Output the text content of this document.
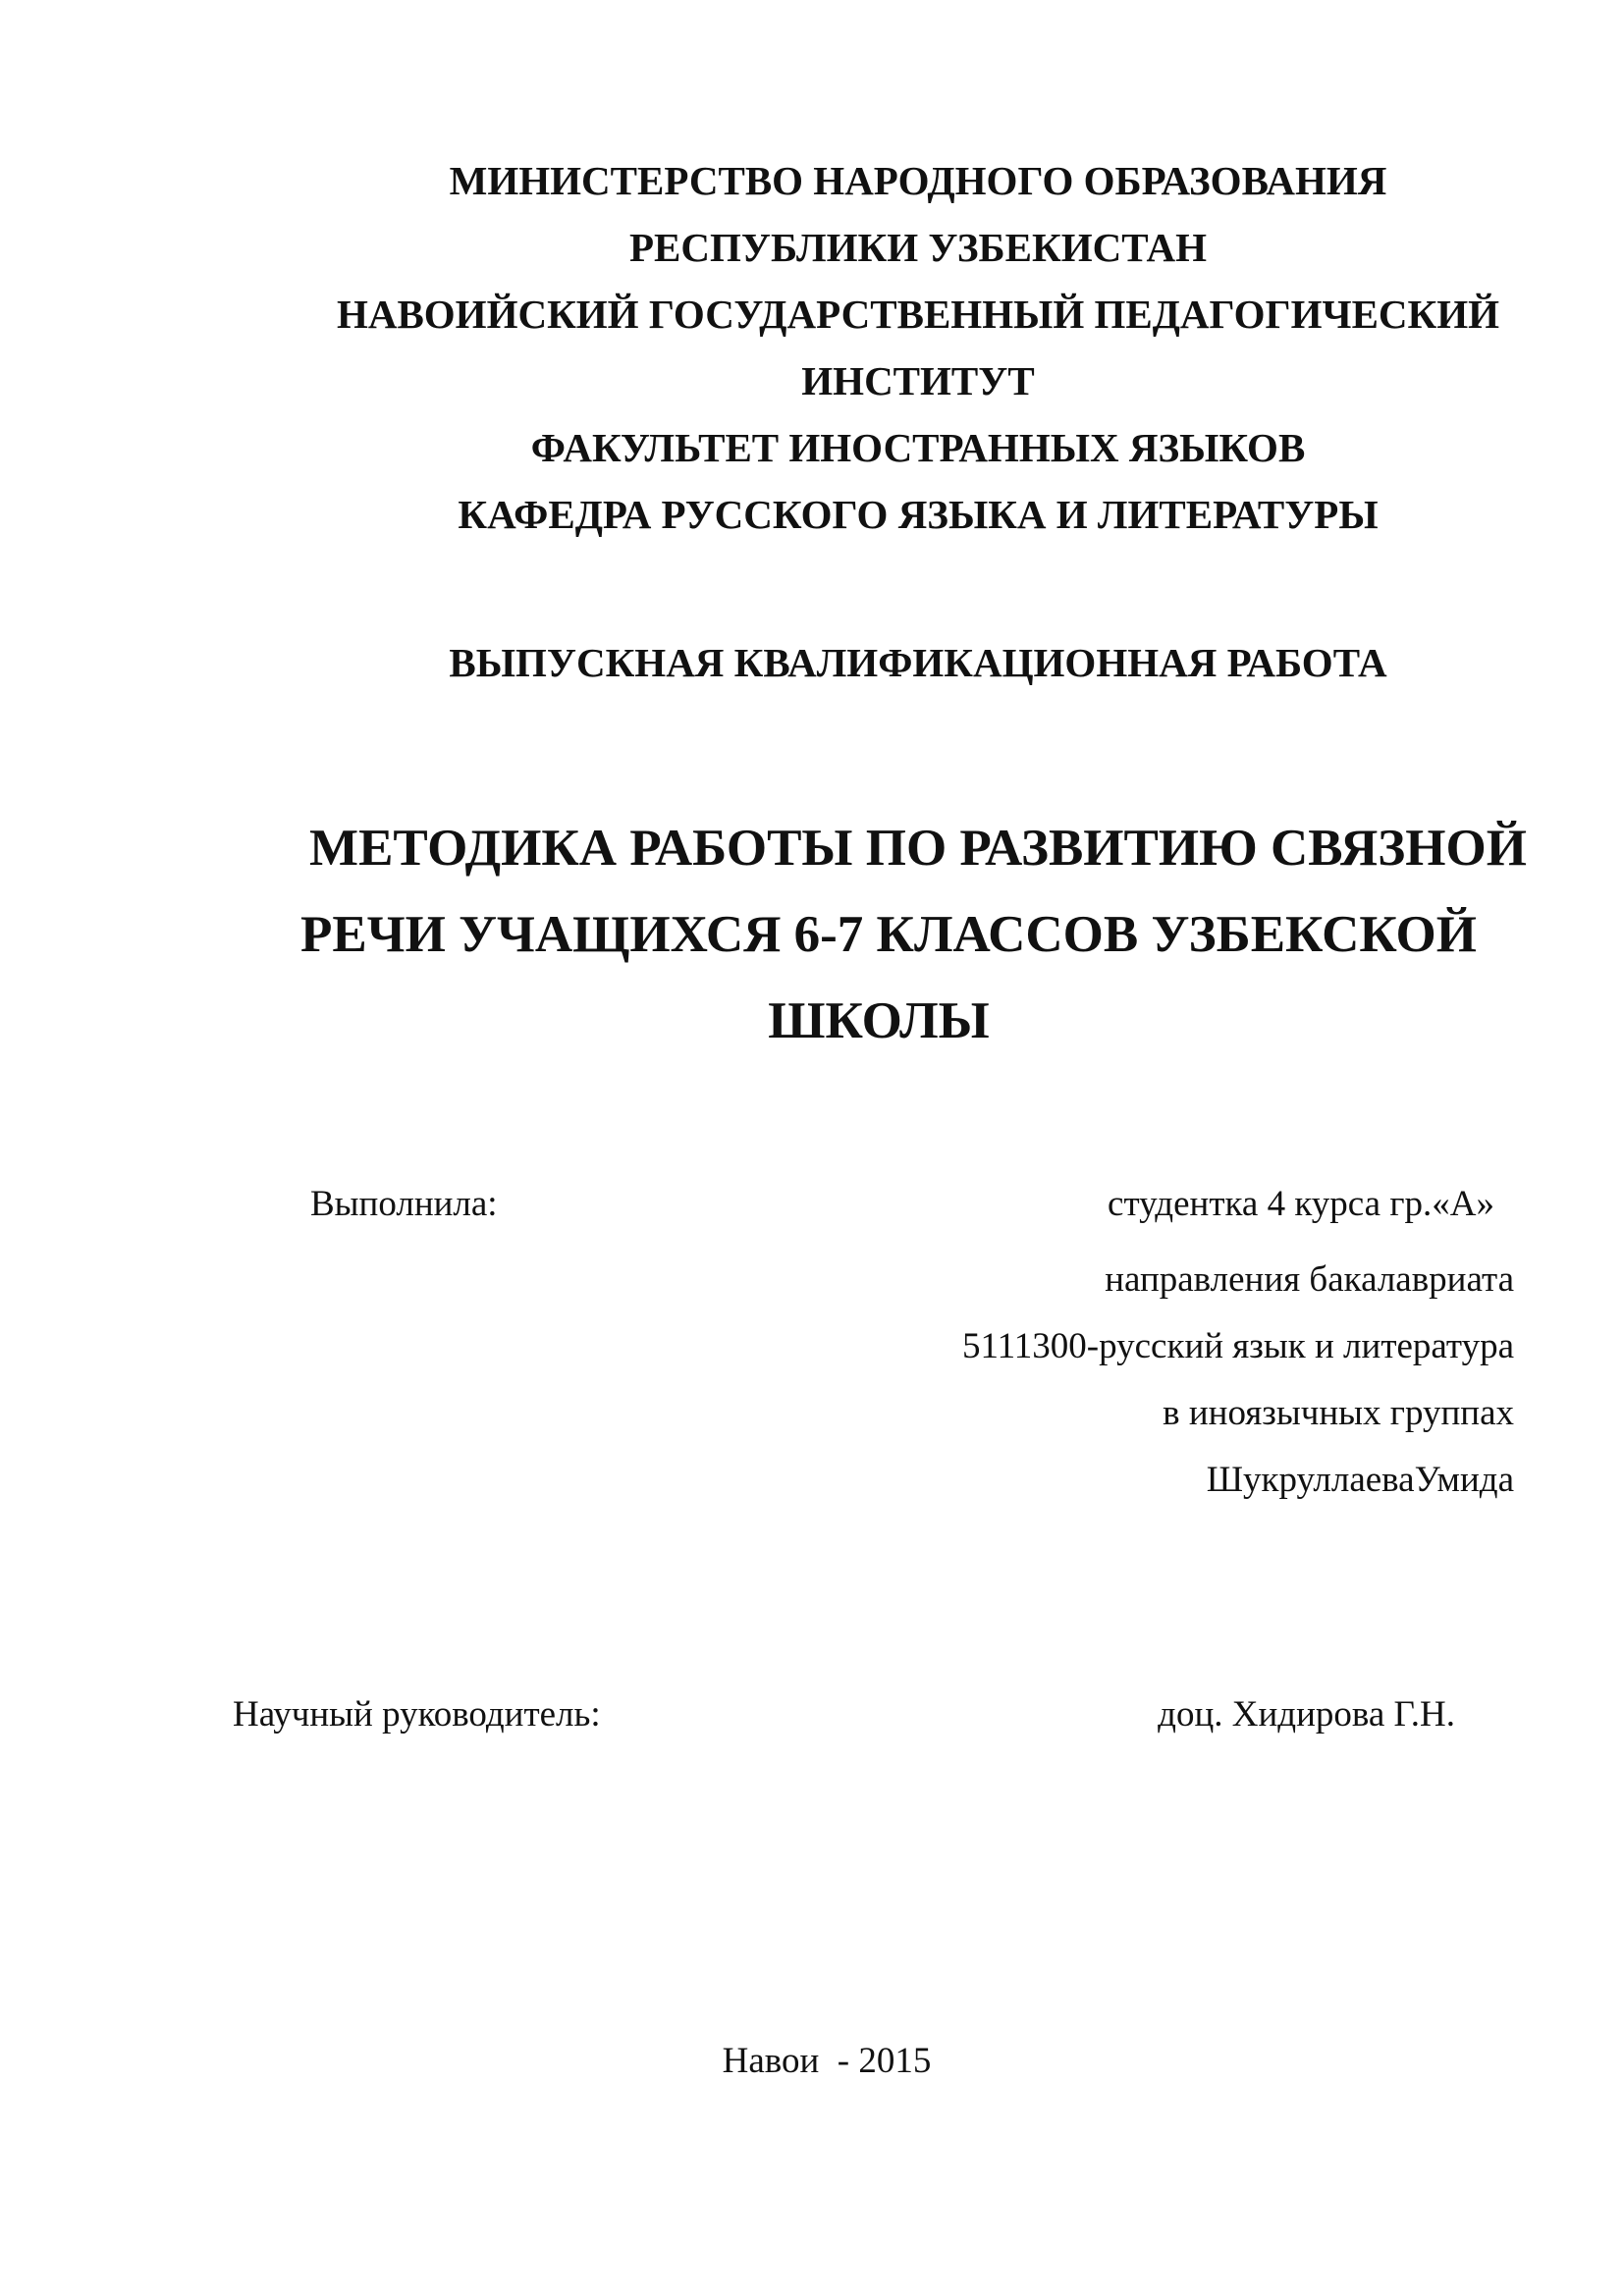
МИНИСТЕРСТВО НАРОДНОГО ОБРАЗОВАНИЯ
РЕСПУБЛИКИ УЗБЕКИСТАН
НАВОИЙСКИЙ ГОСУДАРСТВЕННЫЙ ПЕДАГОГИЧЕСКИЙ
ИНСТИТУТ
ФАКУЛЬТЕТ ИНОСТРАННЫХ ЯЗЫКОВ
КАФЕДРА РУССКОГО ЯЗЫКА И ЛИТЕРАТУРЫ
ВЫПУСКНАЯ КВАЛИФИКАЦИОННАЯ РАБОТА
МЕТОДИКА РАБОТЫ ПО РАЗВИТИЮ СВЯЗНОЙ
РЕЧИ УЧАЩИХСЯ 6-7 КЛАССОВ УЗБЕКСКОЙ
ШКОЛЫ
Выполнила:	студентка 4 курса гр.«А»
направления бакалавриата
5111300-русский язык и литература
в иноязычных группах
ШукруллаеваУмида
Научный руководитель:	доц. Хидирова Г.Н.
Навои  - 2015
